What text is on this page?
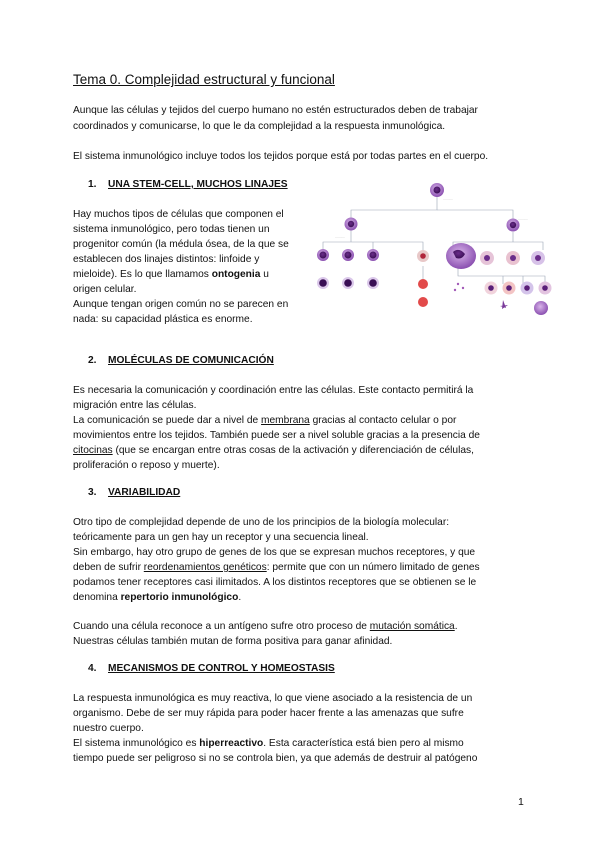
Tema 0. Complejidad estructural y funcional

Aunque las células y tejidos del cuerpo humano no estén estructurados deben de trabajar

coordinados y comunicarse, lo que le da complejidad a la respuesta inmunológica.

El sistema inmunológico incluye todos los tejidos porque está por todas partes en el cuerpo.

1. UNA STEM-CELL, MUCHOS LINAJES

Hay muchos tipos de células que componen el

sistema inmunológico, pero todas tienen un

progenitor común (la médula ósea, de la que se

establecen dos linajes distintos: linfoide y

mieloide). Es lo que llamamos ontogenia u

origen celular.

Aunque tengan origen común no se parecen en

nada: su capacidad plástica es enorme.

··········
··········
··········
2. MOLÉCULAS DE COMUNICACIÓN

Es necesaria la comunicación y coordinación entre las células. Este contacto permitirá la

migración entre las células.

La comunicación se puede dar a nivel de membrana gracias al contacto celular o por

movimientos entre los tejidos. También puede ser a nivel soluble gracias a la presencia de

citocinas (que se encargan entre otras cosas de la activación y diferenciación de células,

proliferación o reposo y muerte).

3. VARIABILIDAD

Otro tipo de complejidad depende de uno de los principios de la biología molecular:

teóricamente para un gen hay un receptor y una secuencia lineal.

Sin embargo, hay otro grupo de genes de los que se expresan muchos receptores, y que

deben de sufrir reordenamientos genéticos: permite que con un número limitado de genes

podamos tener receptores casi ilimitados. A los distintos receptores que se obtienen se le

denomina repertorio inmunológico.

Cuando una célula reconoce a un antígeno sufre otro proceso de mutación somática.

Nuestras células también mutan de forma positiva para ganar afinidad.

4. MECANISMOS DE CONTROL Y HOMEOSTASIS

La respuesta inmunológica es muy reactiva, lo que viene asociado a la resistencia de un

organismo. Debe de ser muy rápida para poder hacer frente a las amenazas que sufre

nuestro cuerpo.

El sistema inmunológico es hiperreactivo. Esta característica está bien pero al mismo

tiempo puede ser peligroso si no se controla bien, ya que además de destruir al patógeno

1
